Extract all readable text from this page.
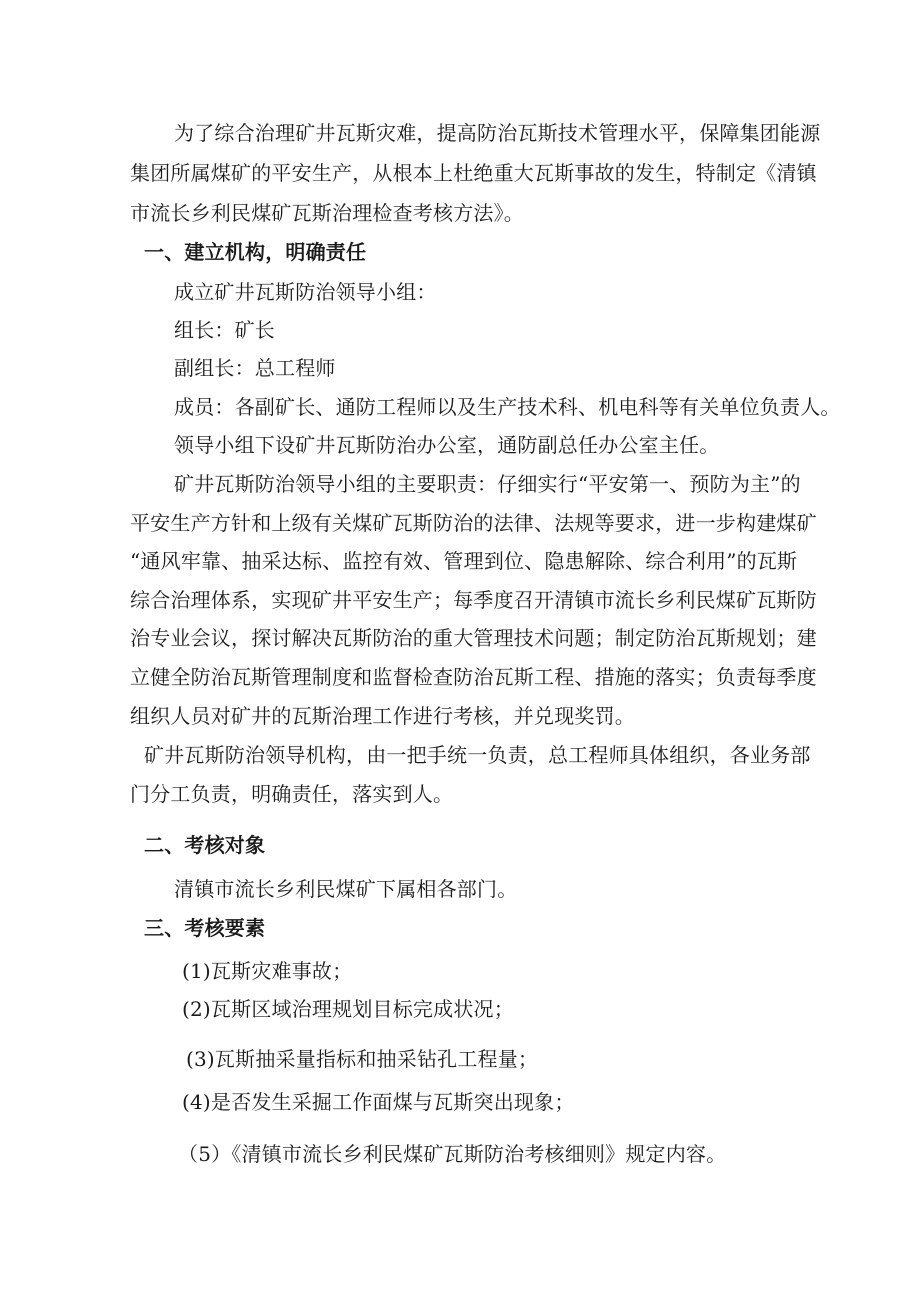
为了综合治理矿井瓦斯灾难，提高防治瓦斯技术管理水平，保障集团能源
集团所属煤矿的平安生产，从根本上杜绝重大瓦斯事故的发生，特制定《清镇
市流长乡利民煤矿瓦斯治理检查考核方法》。
一、建立机构，明确责任
成立矿井瓦斯防治领导小组：
组长：矿长
副组长：总工程师
成员：各副矿长、通防工程师以及生产技术科、机电科等有关单位负责人。
领导小组下设矿井瓦斯防治办公室，通防副总任办公室主任。
矿井瓦斯防治领导小组的主要职责：仔细实行“平安第一、预防为主”的
平安生产方针和上级有关煤矿瓦斯防治的法律、法规等要求，进一步构建煤矿
“通风牢靠、抽采达标、监控有效、管理到位、隐患解除、综合利用”的瓦斯
综合治理体系，实现矿井平安生产；每季度召开清镇市流长乡利民煤矿瓦斯防
治专业会议，探讨解决瓦斯防治的重大管理技术问题；制定防治瓦斯规划；建
立健全防治瓦斯管理制度和监督检查防治瓦斯工程、措施的落实；负责每季度
组织人员对矿井的瓦斯治理工作进行考核，并兑现奖罚。
矿井瓦斯防治领导机构，由一把手统一负责，总工程师具体组织，各业务部
门分工负责，明确责任，落实到人。
二、考核对象
清镇市流长乡利民煤矿下属相各部门。
三、考核要素
(1)瓦斯灾难事故；
(2)瓦斯区域治理规划目标完成状况；
(3)瓦斯抽采量指标和抽采钻孔工程量；
(4)是否发生采掘工作面煤与瓦斯突出现象；
（5）《清镇市流长乡利民煤矿瓦斯防治考核细则》规定内容。
